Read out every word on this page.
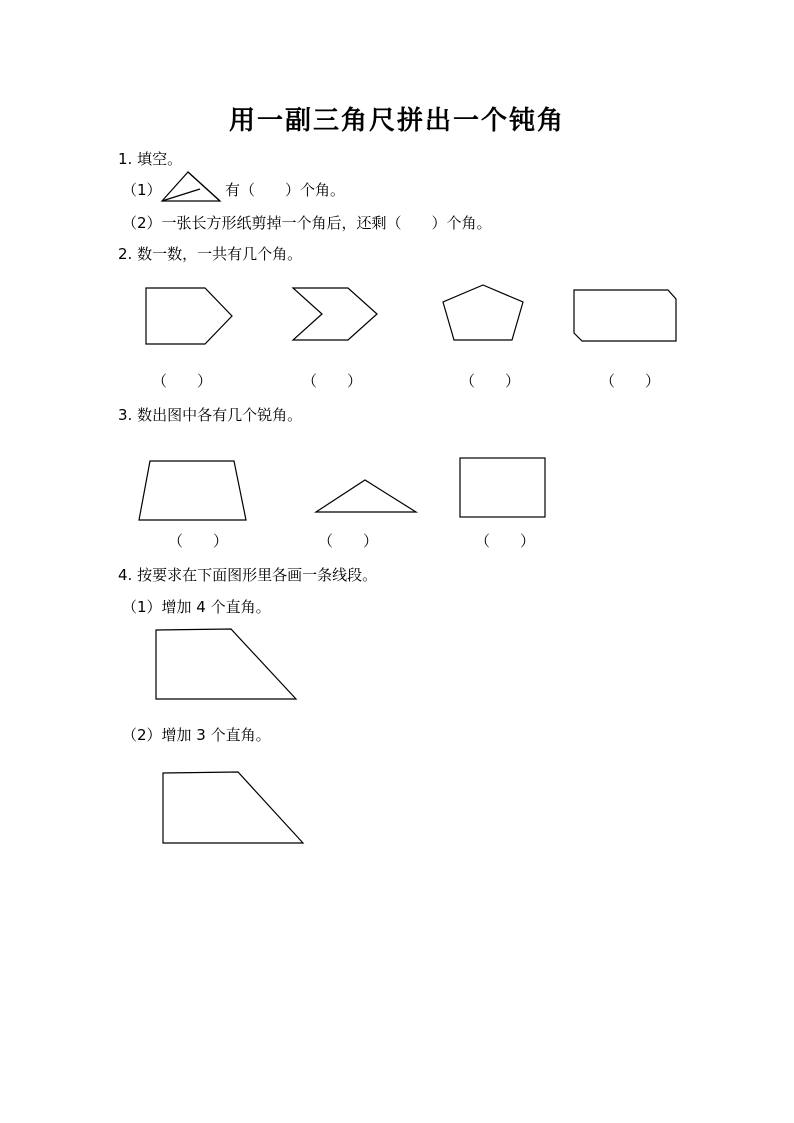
用一副三角尺拼出一个钝角
1. 填空。
（1）	有（　　）个角。
（2）一张长方形纸剪掉一个角后，还剩（　　）个角。
2. 数一数，一共有几个角。
（　　）	（　　）	（　　）	（　　）
3. 数出图中各有几个锐角。
（　　）	（　　）	（　　）
4. 按要求在下面图形里各画一条线段。
（1）增加 4 个直角。
（2）增加 3 个直角。
